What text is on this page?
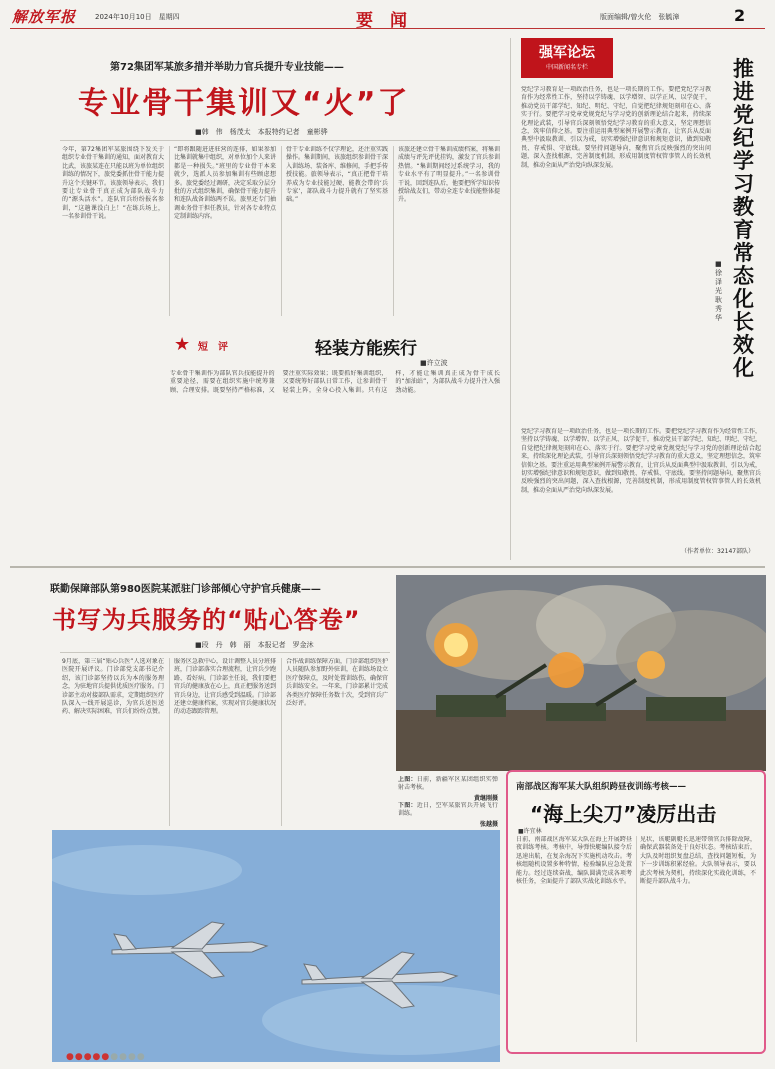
解放军报	2024年10月10日　星期四	要　闻	版面编辑/曾火伦　张毓漳	2
第72集团军某旅多措并举助力官兵提升专业技能——
专业骨干集训又“火”了
■韩　伟　杨茂太　本报特约记者　童彬骅
今年，第72集团军某旅围绕下发关于组织专业骨干集训的通知，面对教育大比武，该旅某连在只能以班为单位组织训练的情况下，旅党委抓住骨干能力提升这个关键环节。该旅领导表示，我们要让专业骨干真正成为部队战斗力的“源头活水”。连队官兵纷纷报名参训，“这趟课没白上！”在练兵场上，一名参训骨干说。
“即将跟随进进驻营的连排，如果参加比集训就集中组织，对单位加个人来讲都是一种损失。”班里的专业骨干本来就少，选派人员参加集训有些顾虑想多。旅党委经过调研，决定采取分层分批的方式组织集训，确保骨干能力提升和连队战备训练两不误。旅里还专门抽调业务骨干担任教员，针对各专业特点定制训练内容。
骨干专业训练不仅学理论，还注重实践操作。集训期间，该旅组织参训骨干深入训练场、装备库、维修间，手把手传授技能。旅领导表示，“真正把骨干培养成为专业技能过硬、能教会带的‘兵专家’，部队战斗力提升就有了坚实基础。”
该旅还建立骨干集训成绩档案，将集训成绩与评先评优挂钩，激发了官兵参训热情。“集训期间经过系统学习，我的专业水平有了明显提升。”一名参训骨干说，回到连队后，他要把所学知识传授给战友们，带动全连专业技能整体提升。
★ 短　评	轻装方能疾行
■许立波
专业骨干集训作为部队官兵技能提升的重要途径，需要在组织实施中统筹兼顾、合理安排。既要坚持严格标准，又要注重实际效果；既要抓好集训组织，又要统筹好部队日常工作，让参训骨干轻装上阵，全身心投入集训。只有这样，才能让集训真正成为骨干成长的“加油站”，为部队战斗力提升注入强劲动能。
强军论坛
中国新闻名专栏	推进党纪学习教育常态化长效化
■徐泽光　耿秀华
党纪学习教育是一项政治任务，也是一项长期的工作。要把党纪学习教育作为经常性工作，坚持以学铸魂、以学增智、以学正风、以学促干，推动党员干部学纪、知纪、明纪、守纪，自觉把纪律规矩刻印在心、落实于行。要把学习党章党规党纪与学习党的创新理论结合起来，持续深化理论武装，引导官兵深刻领悟党纪学习教育的重大意义，坚定理想信念，筑牢信仰之基。要注重运用典型案例开展警示教育，让官兵从反面典型中汲取教训、引以为戒，切实增强纪律意识和规矩意识，做到知敬畏、存戒惧、守底线。要坚持问题导向，聚焦官兵反映强烈的突出问题，深入查找根源，完善制度机制，形成用制度管权管事管人的长效机制，推动全面从严治党向纵深发展。
党纪学习教育是一项政治任务，也是一项长期的工作。要把党纪学习教育作为经常性工作，坚持以学铸魂、以学增智、以学正风、以学促干，推动党员干部学纪、知纪、明纪、守纪，自觉把纪律规矩刻印在心、落实于行。要把学习党章党规党纪与学习党的创新理论结合起来，持续深化理论武装，引导官兵深刻领悟党纪学习教育的重大意义，坚定理想信念，筑牢信仰之基。要注重运用典型案例开展警示教育，让官兵从反面典型中汲取教训、引以为戒，切实增强纪律意识和规矩意识，做到知敬畏、存戒惧、守底线。要坚持问题导向，聚焦官兵反映强烈的突出问题，深入查找根源，完善制度机制，形成用制度管权管事管人的长效机制，推动全面从严治党向纵深发展。
（作者单位：32147部队）
联勤保障部队第980医院某派驻门诊部倾心守护官兵健康——
书写为兵服务的“贴心答卷”
■段　丹　韩　丽　本报记者　罗金沐
9月底，第三届“贴心兵医”人选对象在医院开展评议。门诊部党支部书记介绍，该门诊部坚持以兵为本的服务理念，为驻地官兵提供优质医疗服务。门诊部主动对接部队需求，定期组织医疗队深入一线开展巡诊，为官兵送医送药、解决实际困难，官兵们纷纷点赞。
服务区急救中心，设计调整人员分班排班，门诊部落实合理流程，让官兵少跑路、看好病，门诊部主任说，我们要把官兵的健康放在心上，真正把服务送到官兵身边，让官兵感受到温暖。门诊部还建立健康档案，实现对官兵健康状况的动态跟踪管理。
合作战训练保障方面，门诊部组织医护人员随队参加野外驻训，在训练场设立医疗保障点，及时处置训练伤，确保官兵训练安全。一年来，门诊部累计完成各类医疗保障任务数十次，受到官兵广泛好评。
上图：日前，新疆军区某团组织实弹射击考核。
黄继刚摄
下图：近日，空军某旅官兵开展飞行训练。
张越摄
南部战区海军某大队组织跨昼夜训练考核——
“海上尖刀”凌厉出击
■许宜林
日前，南部战区海军某大队在海上开展跨昼夜训练考核。考核中，导弹快艇编队接令后迅速出航，在复杂海况下实施机动攻击。考核组随机设置多种特情，检验编队应急处置能力。经过连续奋战，编队圆满完成各项考核任务，全面提升了部队实战化训练水平。
见状，该艇副艇长迅速带领官兵排除故障，确保武器装备处于良好状态。考核结束后，大队及时组织复盘总结，查找问题短板，为下一步训练积累经验。大队领导表示，要以此次考核为契机，持续深化实战化训练，不断提升部队战斗力。
●●●●●●●●●
